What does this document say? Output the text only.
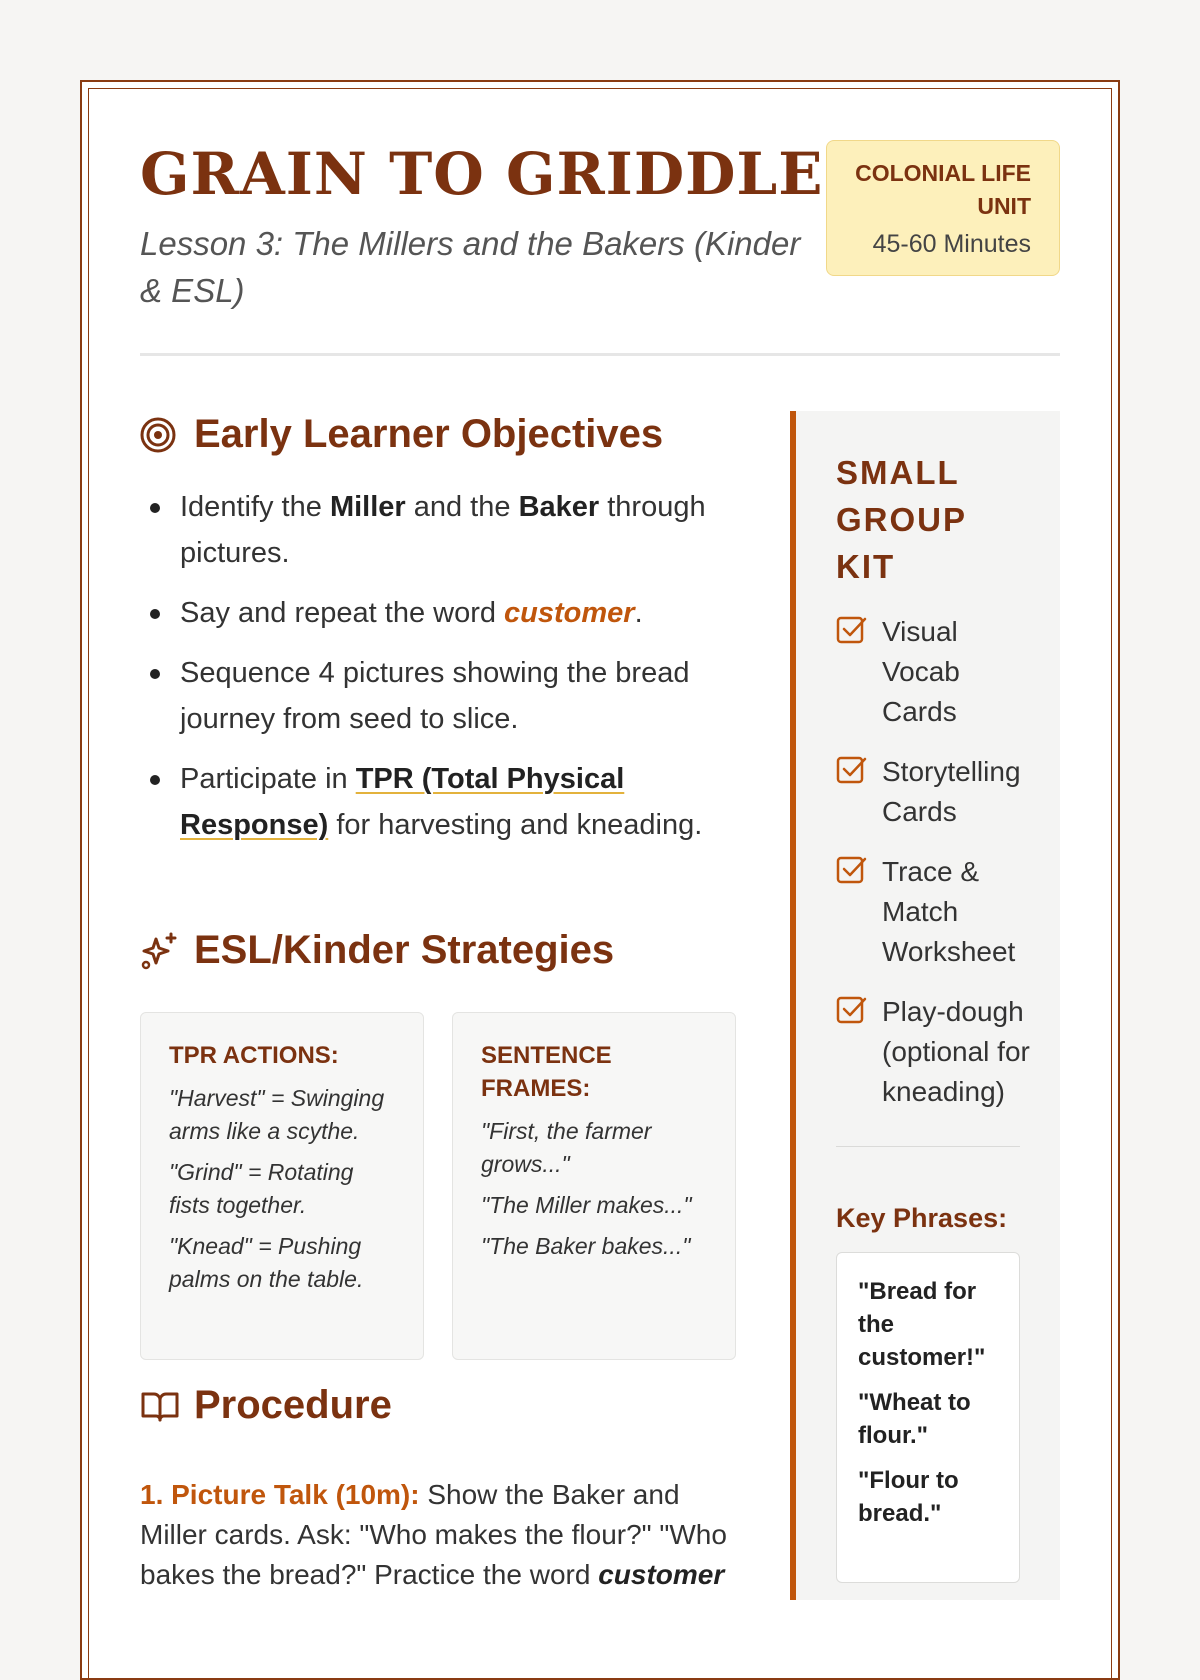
GRAIN TO GRIDDLE

Lesson 3: The Millers and the Bakers (Kinder & ESL)

COLONIAL LIFE UNIT
45-60 Minutes
Early Learner Objectives
Identify the Miller and the Baker through pictures.
Say and repeat the word customer.
Sequence 4 pictures showing the bread journey from seed to slice.
Participate in TPR (Total Physical Response) for harvesting and kneading.
ESL/Kinder Strategies
TPR ACTIONS:

"Harvest" = Swinging arms like a scythe.

"Grind" = Rotating fists together.

"Knead" = Pushing palms on the table.

SENTENCE FRAMES:

"First, the farmer grows..."

"The Miller makes..."

"The Baker bakes..."

Procedure

1. Picture Talk (10m): Show the Baker and Miller cards. Ask: "Who makes the flour?" "Who bakes the bread?" Practice the word customer

SMALL GROUP KIT
Visual Vocab Cards
Storytelling Cards
Trace & Match Worksheet
Play-dough (optional for kneading)
Key Phrases:

"Bread for the customer!"

"Wheat to flour."

"Flour to bread."
